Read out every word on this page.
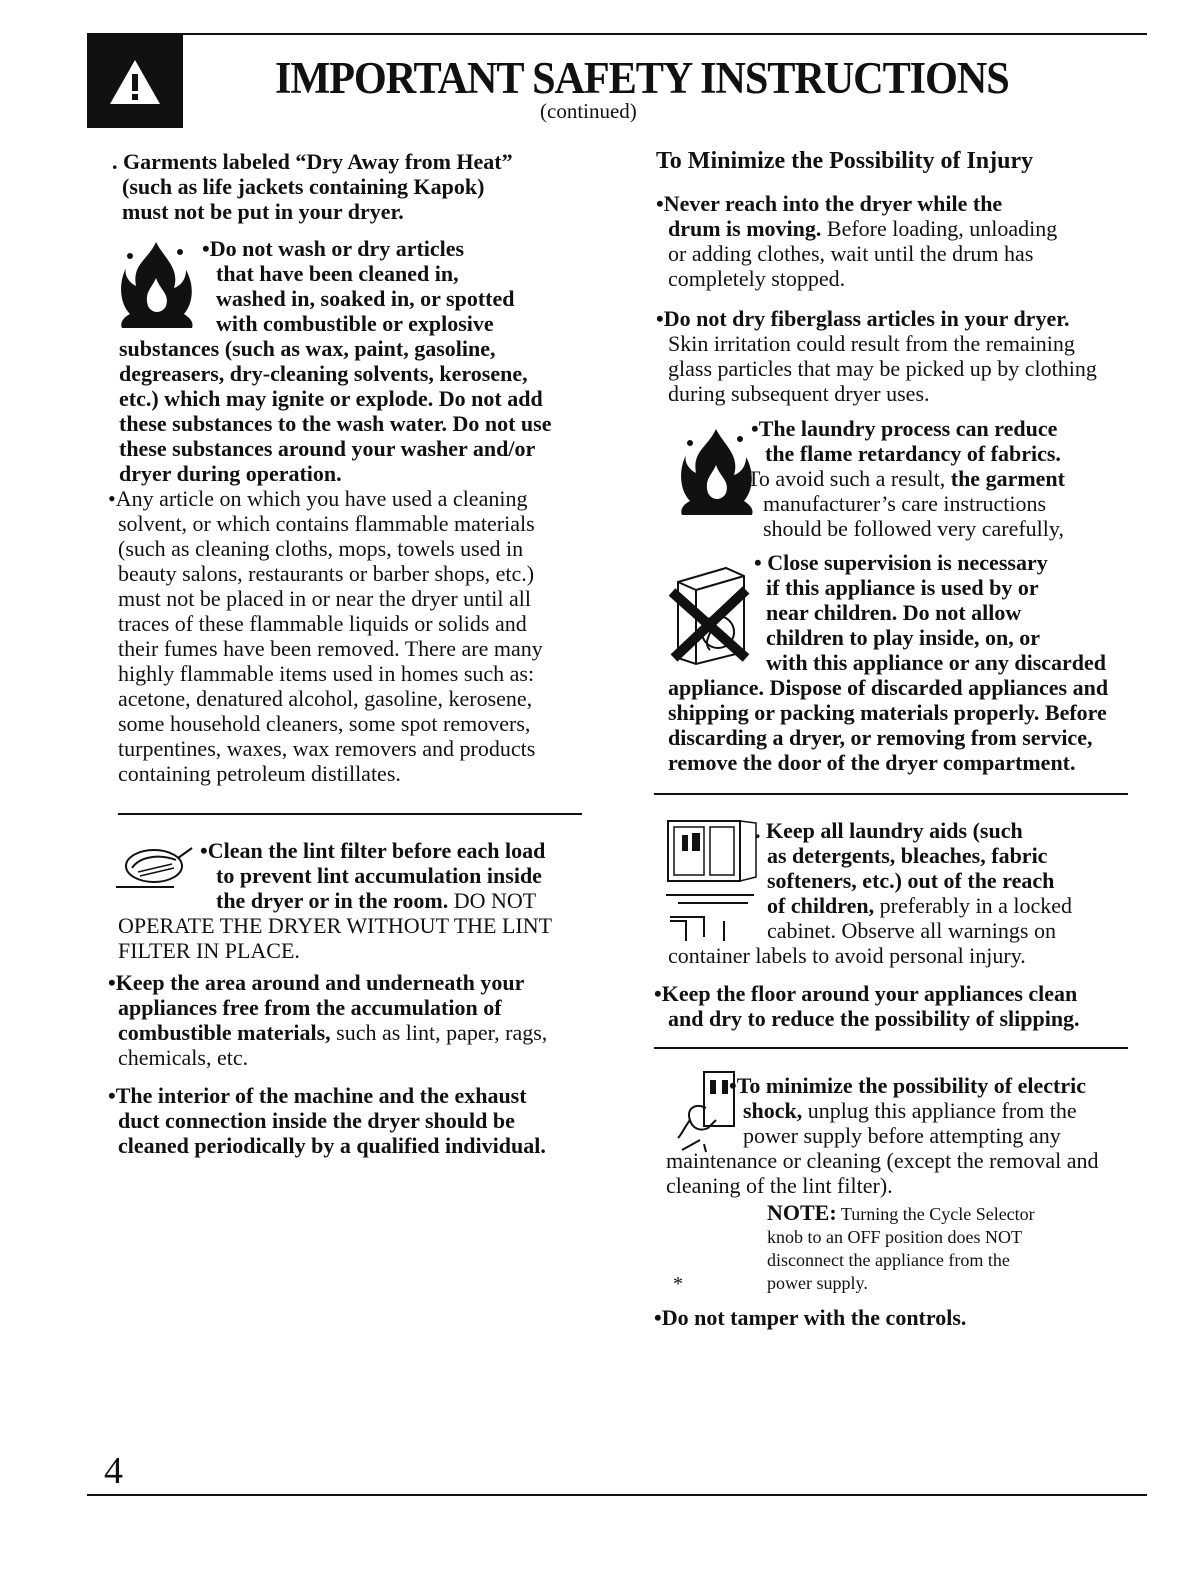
IMPORTANT SAFETY INSTRUCTIONS
(continued)

. Garments labeled “Dry Away from Heat”

(such as life jackets containing Kapok)

must not be put in your dryer.

•Do not wash or dry articles

that have been cleaned in,

washed in, soaked in, or spotted

with combustible or explosive

substances (such as wax, paint, gasoline,

degreasers, dry-cleaning solvents, kerosene,

etc.) which may ignite or explode. Do not add

these substances to the wash water. Do not use

these substances around your washer and/or

dryer during operation.

•Any article on which you have used a cleaning

solvent, or which contains flammable materials

(such as cleaning cloths, mops, towels used in

beauty salons, restaurants or barber shops, etc.)

must not be placed in or near the dryer until all

traces of these flammable liquids or solids and

their fumes have been removed. There are many

highly flammable items used in homes such as:

acetone, denatured alcohol, gasoline, kerosene,

some household cleaners, some spot removers,

turpentines, waxes, wax removers and products

containing petroleum distillates.

•Clean the lint filter before each load

to prevent lint accumulation inside

the dryer or in the room. DO NOT

OPERATE THE DRYER WITHOUT THE LINT

FILTER IN PLACE.

•Keep the area around and underneath your

appliances free from the accumulation of

combustible materials, such as lint, paper, rags,

chemicals, etc.

•The interior of the machine and the exhaust

duct connection inside the dryer should be

cleaned periodically by a qualified individual.

To Minimize the Possibility of Injury

•Never reach into the dryer while the

drum is moving. Before loading, unloading

or adding clothes, wait until the drum has

completely stopped.

•Do not dry fiberglass articles in your dryer.

Skin irritation could result from the remaining

glass particles that may be picked up by clothing

during subsequent dryer uses.

•The laundry process can reduce

the flame retardancy of fabrics.

To avoid such a result, the garment

manufacturer’s care instructions

should be followed very carefully,

• Close supervision is necessary

if this appliance is used by or

near children. Do not allow

children to play inside, on, or

with this appliance or any discarded

appliance. Dispose of discarded appliances and

shipping or packing materials properly. Before

discarding a dryer, or removing from service,

remove the door of the dryer compartment.

. Keep all laundry aids (such

as detergents, bleaches, fabric

softeners, etc.) out of the reach

of children, preferably in a locked

cabinet. Observe all warnings on

container labels to avoid personal injury.

•Keep the floor around your appliances clean

and dry to reduce the possibility of slipping.

•To minimize the possibility of electric

shock, unplug this appliance from the

power supply before attempting any

maintenance or cleaning (except the removal and

cleaning of the lint filter).

NOTE: Turning the Cycle Selector

knob to an OFF position does NOT

disconnect the appliance from the

power supply.

*

•Do not tamper with the controls.

4
